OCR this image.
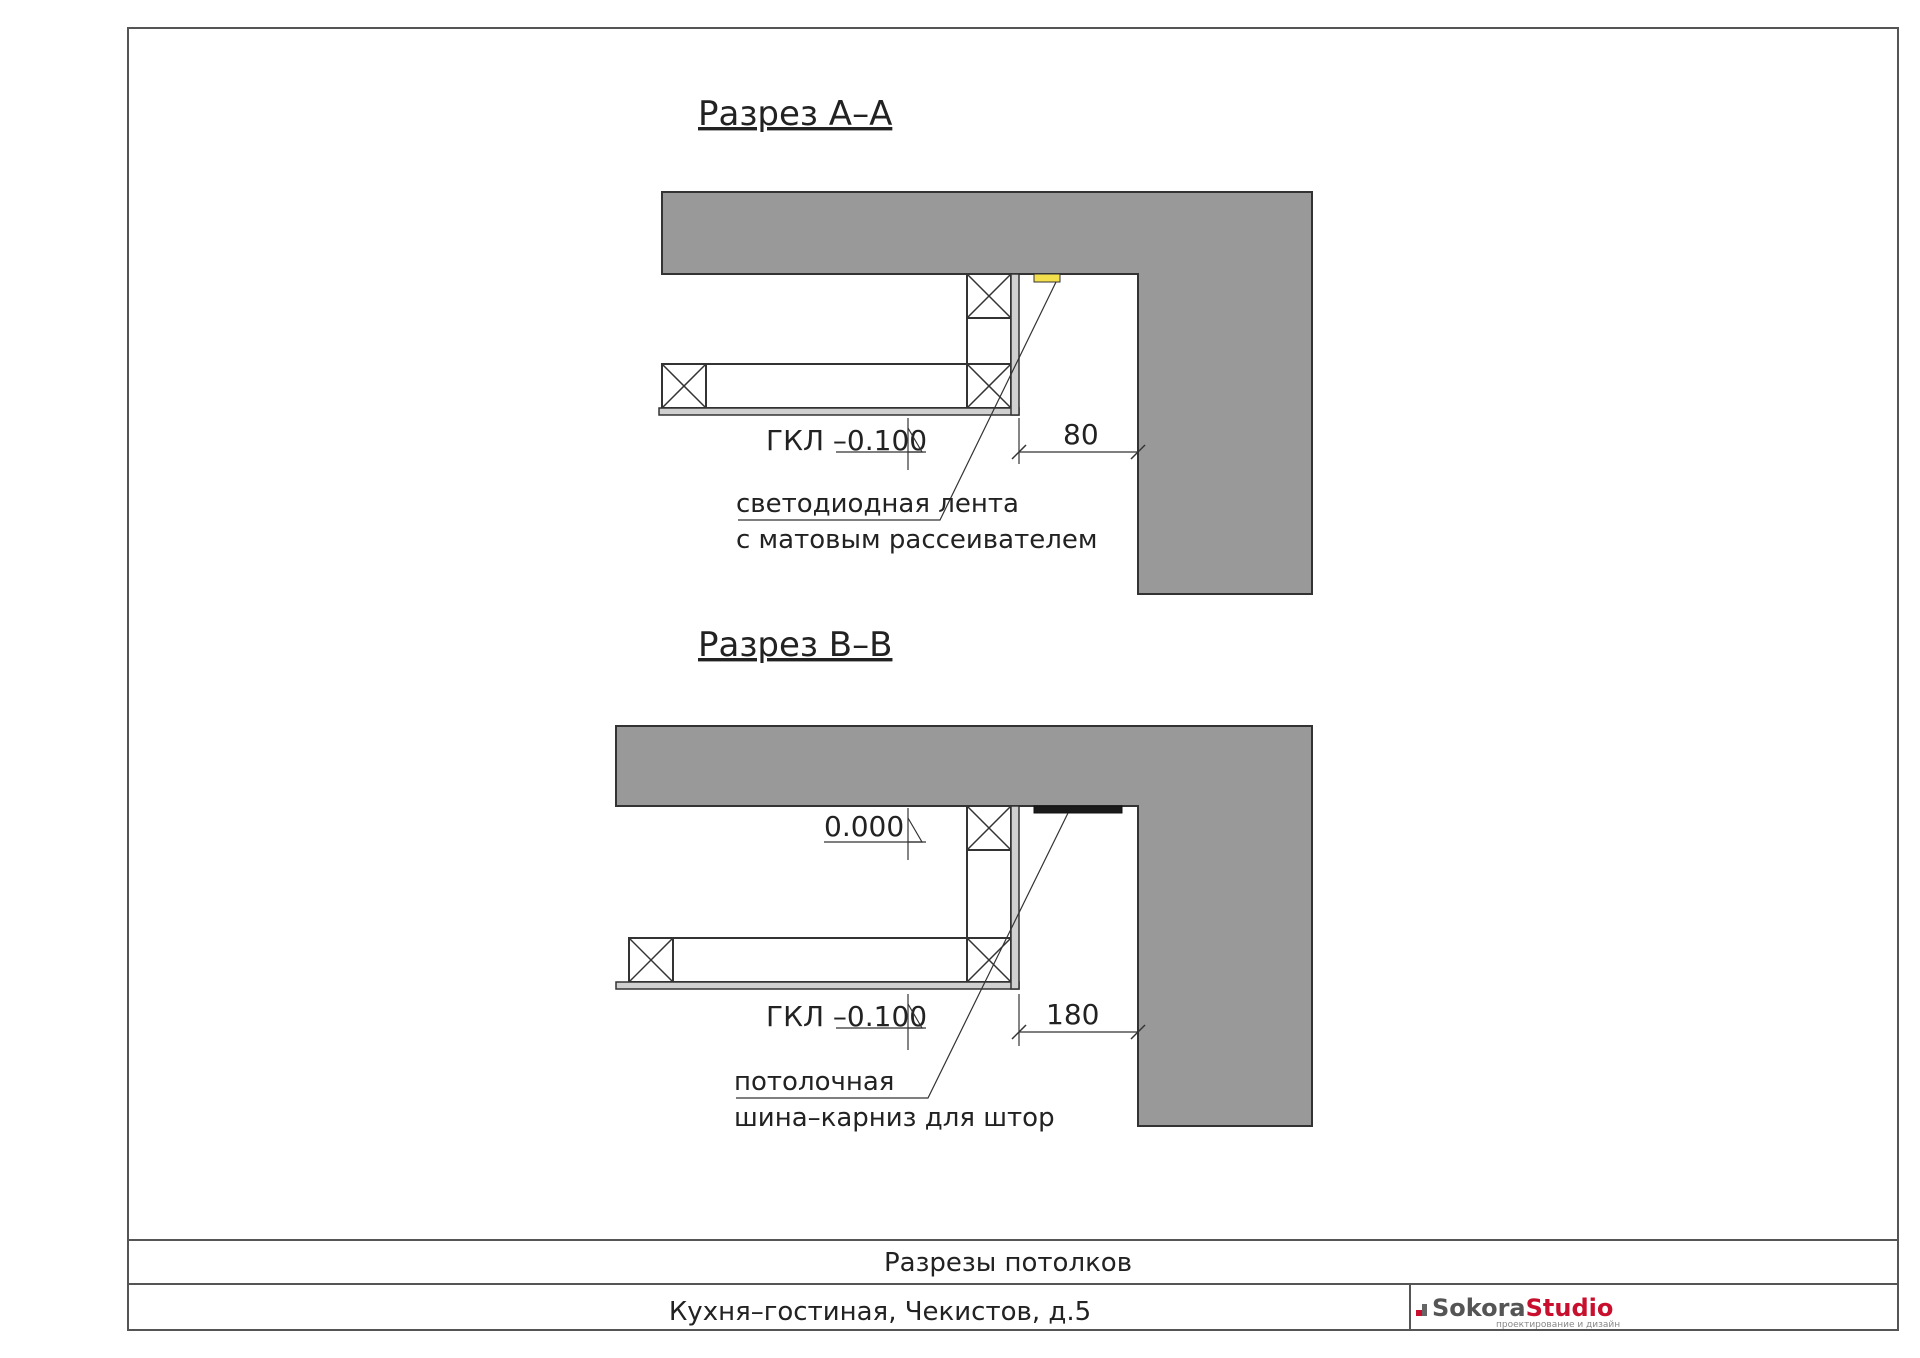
Разрез А–А
ГКЛ –0.100	80
светодиодная лента
с матовым рассеивателем
Разрез В–В
0.000
ГКЛ –0.100	180
потолочная
шина–карниз для штор
Разрезы потолков
Кухня–гостиная, Чекистов, д.5	SokoraStudio
проектирование и дизайн
